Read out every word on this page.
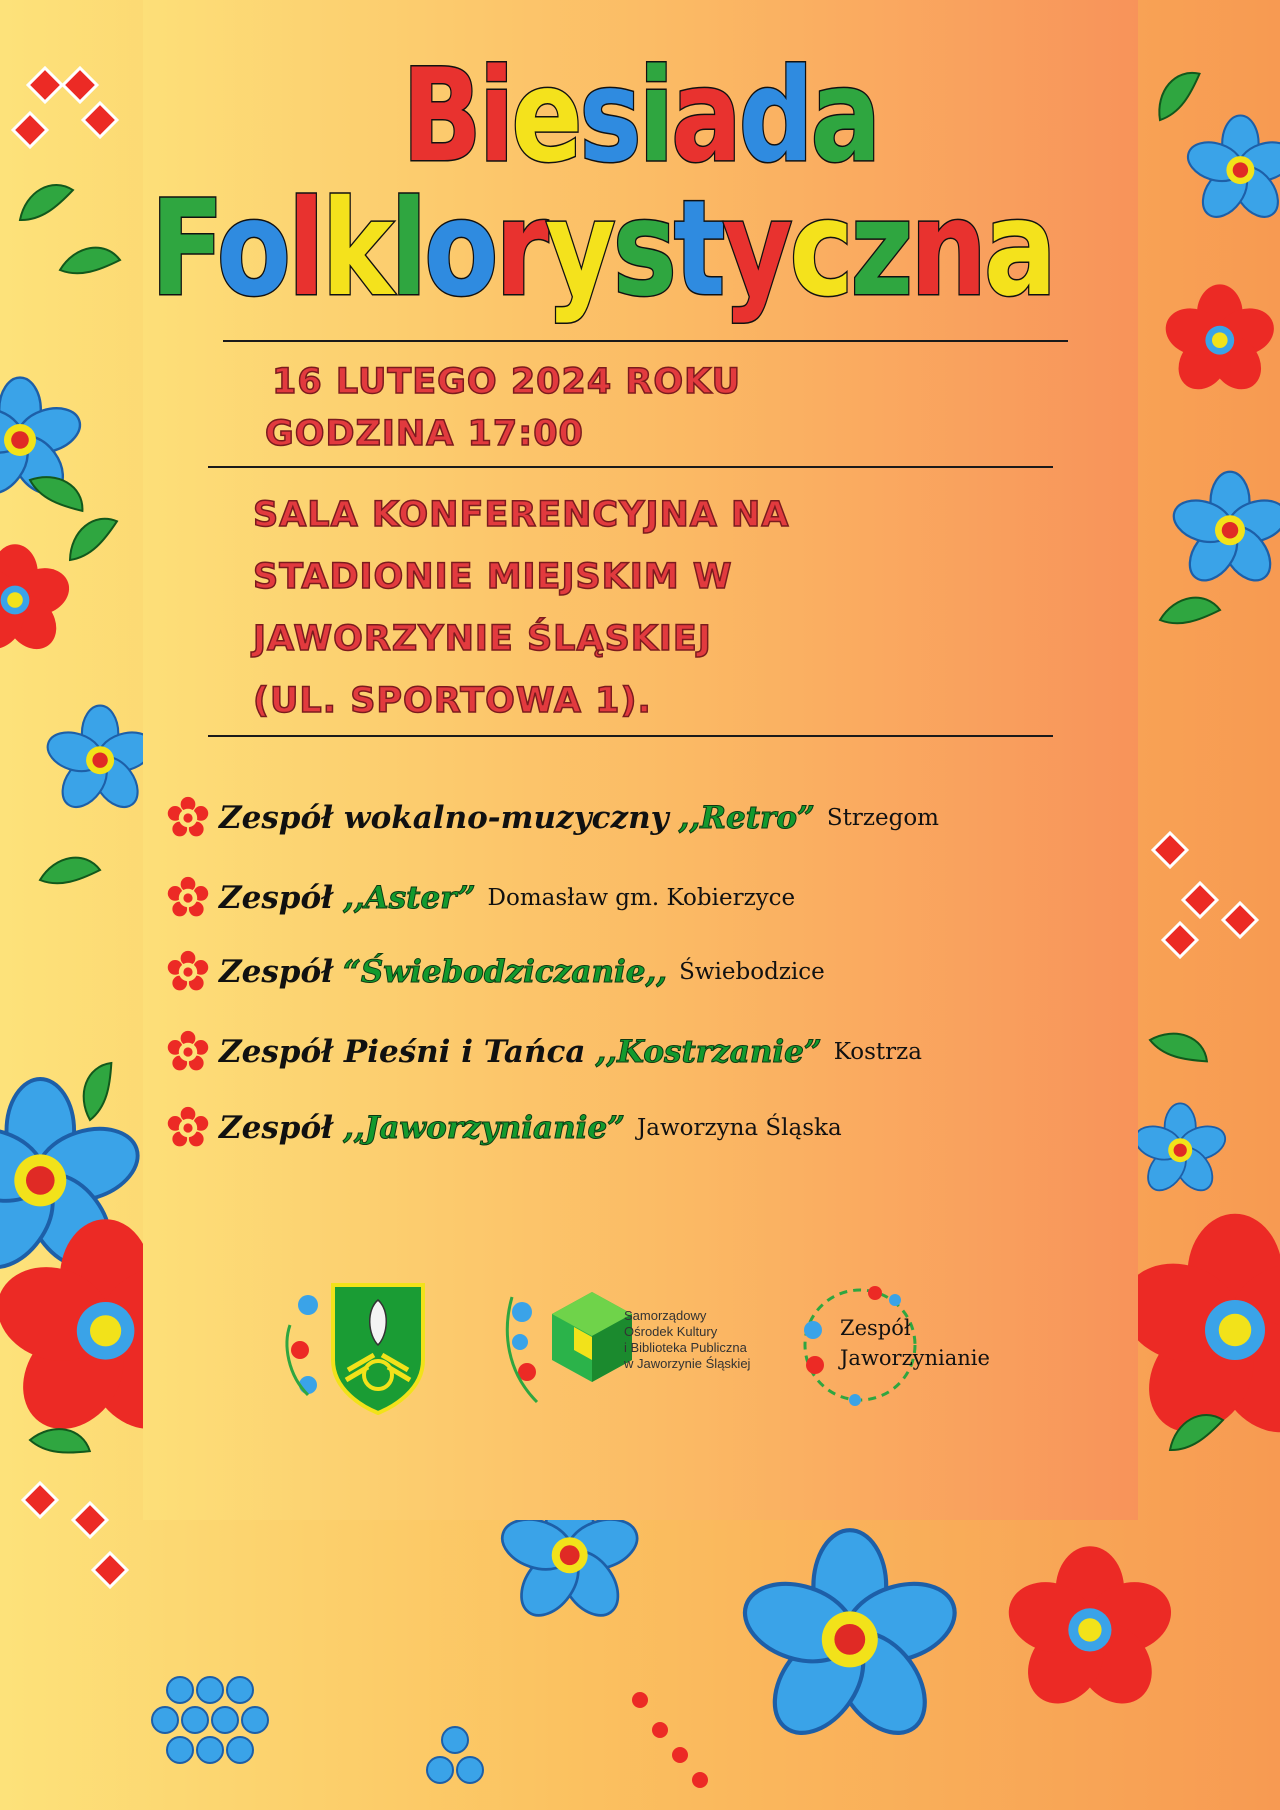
Biesiada
Folklorystyczna
16 LUTEGO 2024 ROKU
GODZINA 17:00
SALA KONFERENCYJNA NA
STADIONIE MIEJSKIM W
JAWORZYNIE ŚLĄSKIEJ
(UL. SPORTOWA 1).
Zespół wokalno-muzyczny ,,Retro” Strzegom
Zespół ,,Aster” Domasław gm. Kobierzyce
Zespół “Świebodziczanie,, Świebodzice
Zespół Pieśni i Tańca ,,Kostrzanie” Kostrza
Zespół ,,Jaworzynianie” Jaworzyna Śląska
Samorządowy
Ośrodek Kultury
i Biblioteka Publiczna
w Jaworzynie Śląskiej
Zespół
Jaworzynianie
